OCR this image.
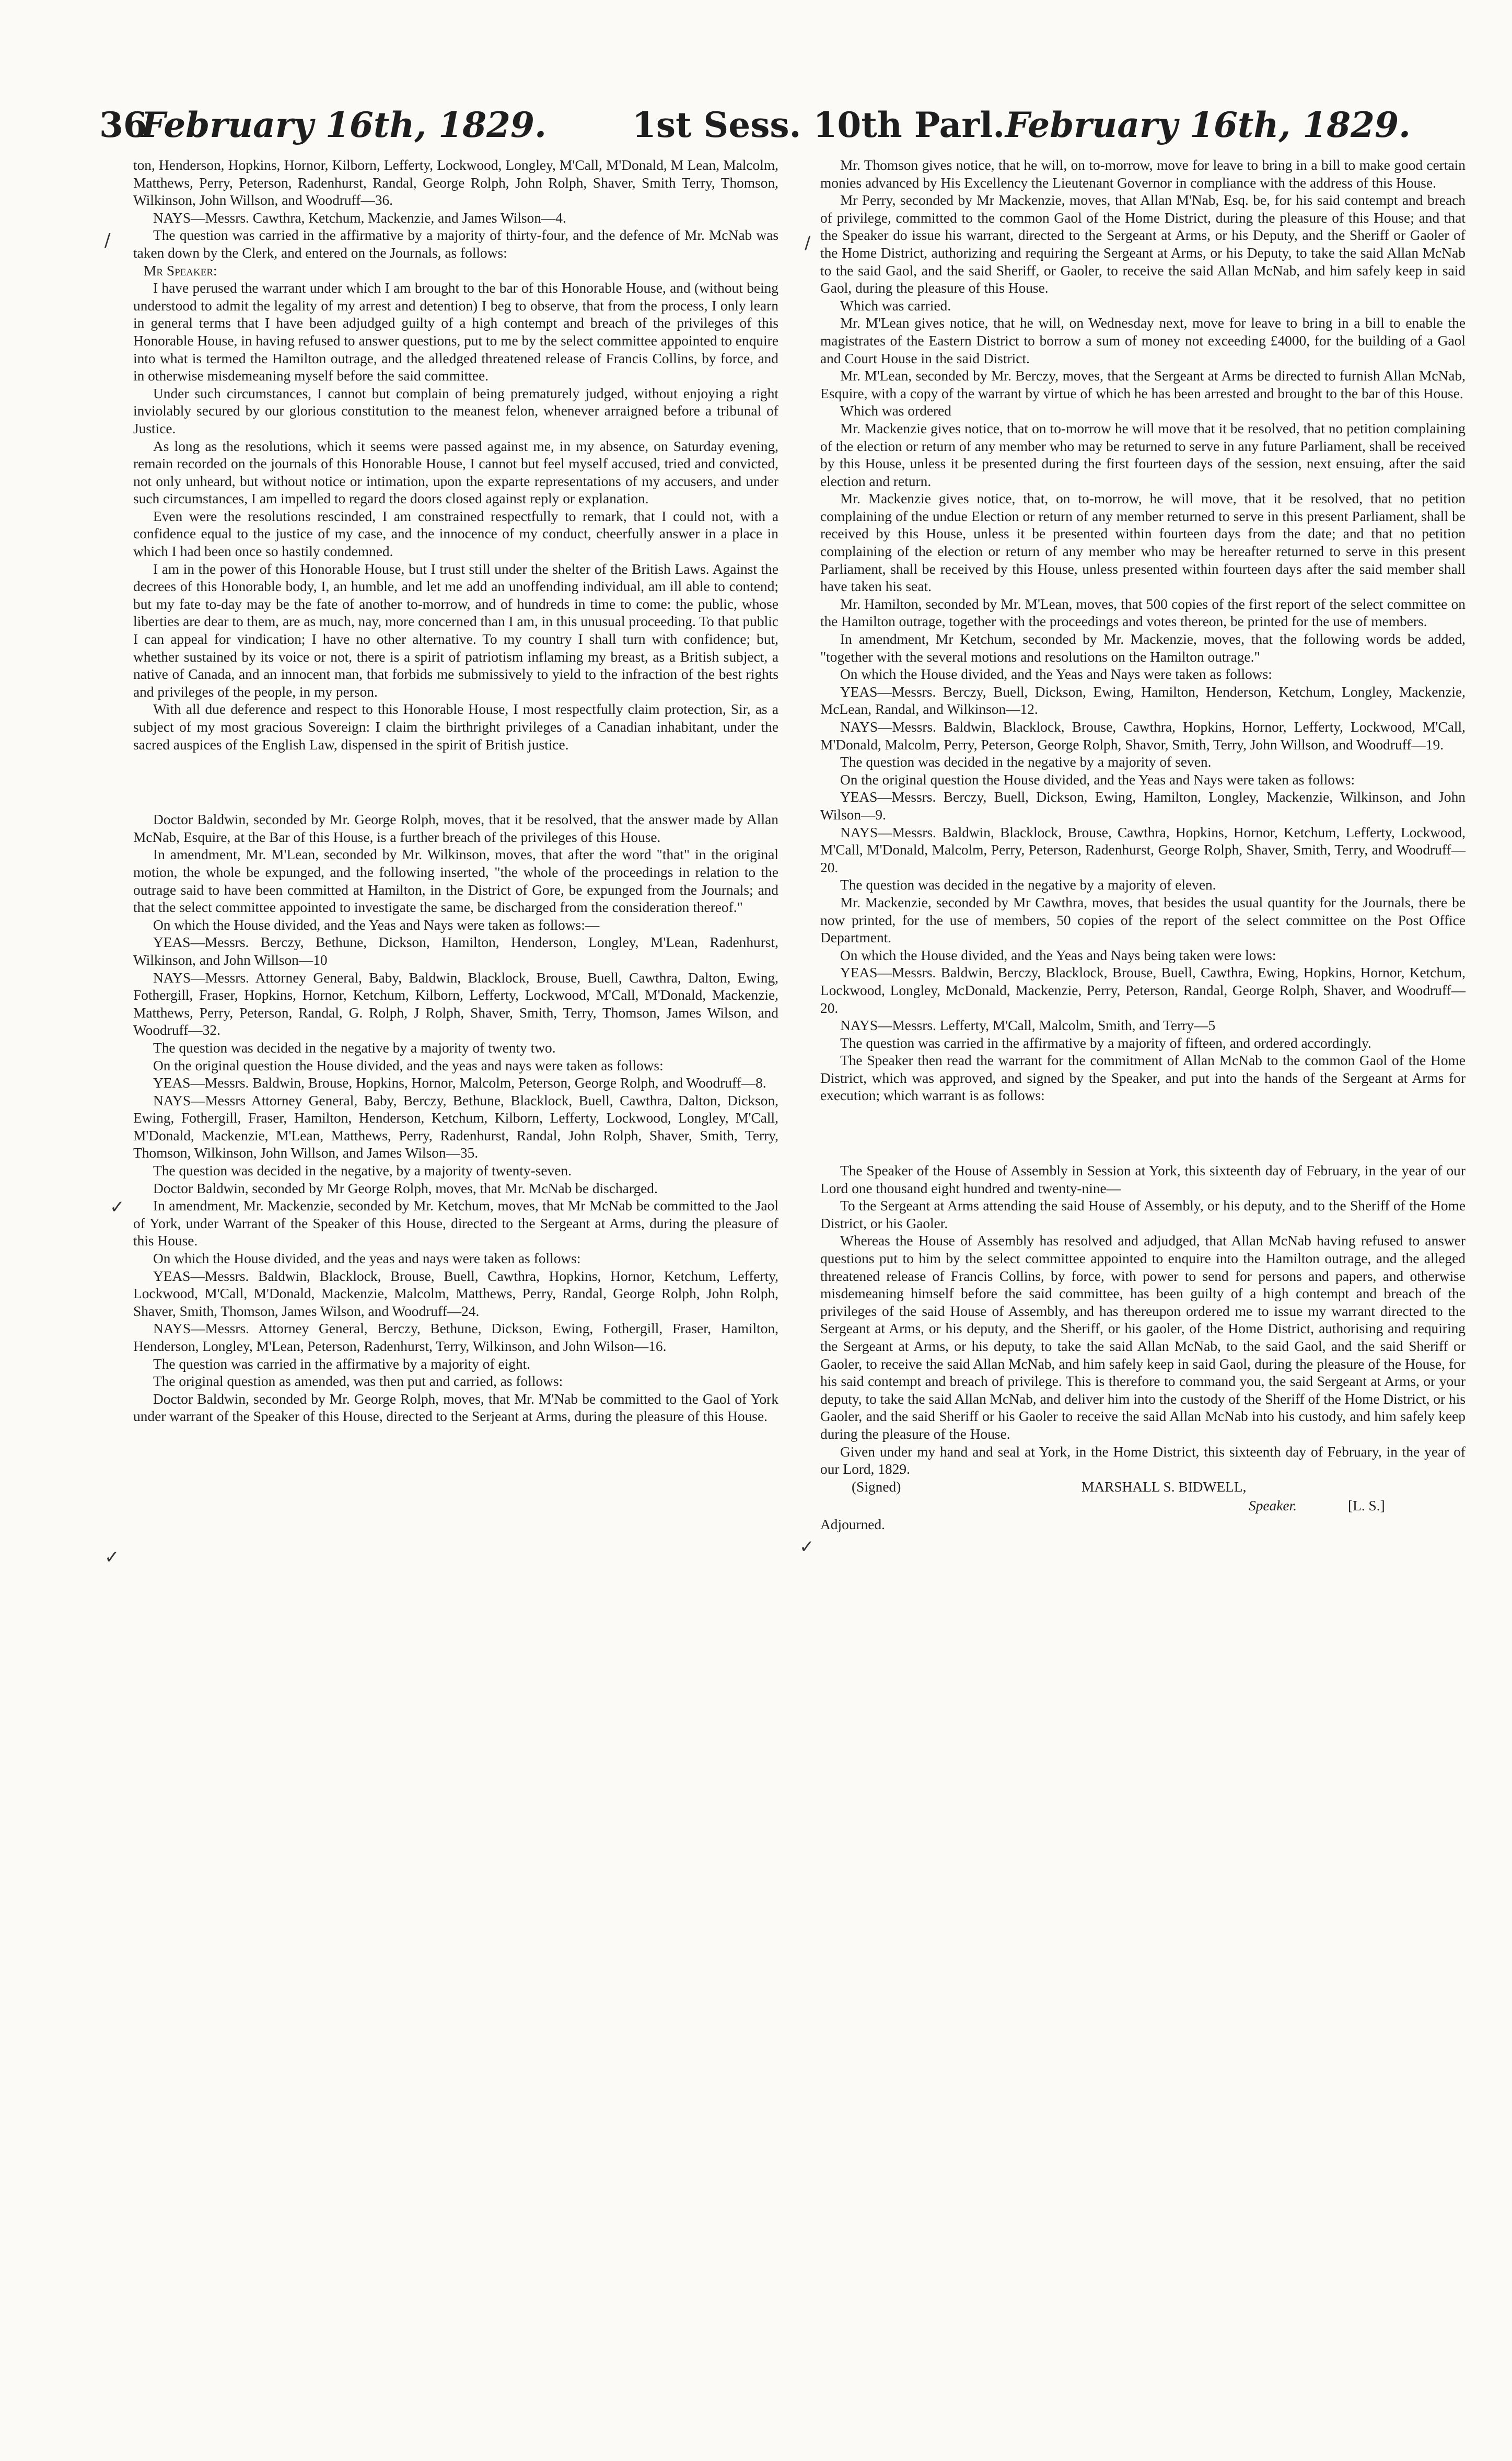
36
February 16th, 1829. 1st Sess. 10th Parl. February 16th, 1829.

ton, Henderson, Hopkins, Hornor, Kilborn, Lefferty, Lockwood, Longley, M'Call, M'Donald, M Lean, Malcolm, Matthews, Perry, Peterson, Radenhurst, Randal, George Rolph, John Rolph, Shaver, Smith Terry, Thomson, Wilkinson, John Willson, and Woodruff—36.

NAYS—Messrs. Cawthra, Ketchum, Mackenzie, and James Wilson—4.

The question was carried in the affirmative by a majority of thirty-four, and the defence of Mr. McNab was taken down by the Clerk, and entered on the Journals, as follows:

Mr Speaker:

I have perused the warrant under which I am brought to the bar of this Honorable House, and (without being understood to admit the legality of my arrest and detention) I beg to observe, that from the process, I only learn in general terms that I have been adjudged guilty of a high contempt and breach of the privileges of this Honorable House, in having refused to answer questions, put to me by the select committee appointed to enquire into what is termed the Hamilton outrage, and the alledged threatened release of Francis Collins, by force, and in otherwise misdemeaning myself before the said committee.

Under such circumstances, I cannot but complain of being prematurely judged, without enjoying a right inviolably secured by our glorious constitution to the meanest felon, whenever arraigned before a tribunal of Justice.

As long as the resolutions, which it seems were passed against me, in my absence, on Saturday evening, remain recorded on the journals of this Honorable House, I cannot but feel myself accused, tried and convicted, not only unheard, but without notice or intimation, upon the exparte representations of my accusers, and under such circumstances, I am impelled to regard the doors closed against reply or explanation.

Even were the resolutions rescinded, I am constrained respectfully to remark, that I could not, with a confidence equal to the justice of my case, and the innocence of my conduct, cheerfully answer in a place in which I had been once so hastily condemned.

I am in the power of this Honorable House, but I trust still under the shelter of the British Laws. Against the decrees of this Honorable body, I, an humble, and let me add an unoffending individual, am ill able to contend; but my fate to-day may be the fate of another to-morrow, and of hundreds in time to come: the public, whose liberties are dear to them, are as much, nay, more concerned than I am, in this unusual proceeding. To that public I can appeal for vindication; I have no other alternative. To my country I shall turn with confidence; but, whether sustained by its voice or not, there is a spirit of patriotism inflaming my breast, as a British subject, a native of Canada, and an innocent man, that forbids me submissively to yield to the infraction of the best rights and privileges of the people, in my person.

With all due deference and respect to this Honorable House, I most respectfully claim protection, Sir, as a subject of my most gracious Sovereign: I claim the birthright privileges of a Canadian inhabitant, under the sacred auspices of the English Law, dispensed in the spirit of British justice.

Doctor Baldwin, seconded by Mr. George Rolph, moves, that it be resolved, that the answer made by Allan McNab, Esquire, at the Bar of this House, is a further breach of the privileges of this House.

In amendment, Mr. M'Lean, seconded by Mr. Wilkinson, moves, that after the word "that" in the original motion, the whole be expunged, and the following inserted, "the whole of the proceedings in relation to the outrage said to have been committed at Hamilton, in the District of Gore, be expunged from the Journals; and that the select committee appointed to investigate the same, be discharged from the consideration thereof."

On which the House divided, and the Yeas and Nays were taken as follows:—

YEAS—Messrs. Berczy, Bethune, Dickson, Hamilton, Henderson, Longley, M'Lean, Radenhurst, Wilkinson, and John Willson—10

NAYS—Messrs. Attorney General, Baby, Baldwin, Blacklock, Brouse, Buell, Cawthra, Dalton, Ewing, Fothergill, Fraser, Hopkins, Hornor, Ketchum, Kilborn, Lefferty, Lockwood, M'Call, M'Donald, Mackenzie, Matthews, Perry, Peterson, Randal, G. Rolph, J Rolph, Shaver, Smith, Terry, Thomson, James Wilson, and Woodruff—32.

The question was decided in the negative by a majority of twenty two.

On the original question the House divided, and the yeas and nays were taken as follows:

YEAS—Messrs. Baldwin, Brouse, Hopkins, Hornor, Malcolm, Peterson, George Rolph, and Woodruff—8.

NAYS—Messrs Attorney General, Baby, Berczy, Bethune, Blacklock, Buell, Cawthra, Dalton, Dickson, Ewing, Fothergill, Fraser, Hamilton, Henderson, Ketchum, Kilborn, Lefferty, Lockwood, Longley, M'Call, M'Donald, Mackenzie, M'Lean, Matthews, Perry, Radenhurst, Randal, John Rolph, Shaver, Smith, Terry, Thomson, Wilkinson, John Willson, and James Wilson—35.

The question was decided in the negative, by a majority of twenty-seven.

Doctor Baldwin, seconded by Mr George Rolph, moves, that Mr. McNab be discharged.

In amendment, Mr. Mackenzie, seconded by Mr. Ketchum, moves, that Mr McNab be committed to the Jaol of York, under Warrant of the Speaker of this House, directed to the Sergeant at Arms, during the pleasure of this House.

On which the House divided, and the yeas and nays were taken as follows:

YEAS—Messrs. Baldwin, Blacklock, Brouse, Buell, Cawthra, Hopkins, Hornor, Ketchum, Lefferty, Lockwood, M'Call, M'Donald, Mackenzie, Malcolm, Matthews, Perry, Randal, George Rolph, John Rolph, Shaver, Smith, Thomson, James Wilson, and Woodruff—24.

NAYS—Messrs. Attorney General, Berczy, Bethune, Dickson, Ewing, Fothergill, Fraser, Hamilton, Henderson, Longley, M'Lean, Peterson, Radenhurst, Terry, Wilkinson, and John Wilson—16.

The question was carried in the affirmative by a majority of eight.

The original question as amended, was then put and carried, as follows:

Doctor Baldwin, seconded by Mr. George Rolph, moves, that Mr. M'Nab be committed to the Gaol of York under warrant of the Speaker of this House, directed to the Serjeant at Arms, during the pleasure of this House.

Mr. Thomson gives notice, that he will, on to-morrow, move for leave to bring in a bill to make good certain monies advanced by His Excellency the Lieutenant Governor in compliance with the address of this House.

Mr Perry, seconded by Mr Mackenzie, moves, that Allan M'Nab, Esq. be, for his said contempt and breach of privilege, committed to the common Gaol of the Home District, during the pleasure of this House; and that the Speaker do issue his warrant, directed to the Sergeant at Arms, or his Deputy, and the Sheriff or Gaoler of the Home District, authorizing and requiring the Sergeant at Arms, or his Deputy, to take the said Allan McNab to the said Gaol, and the said Sheriff, or Gaoler, to receive the said Allan McNab, and him safely keep in said Gaol, during the pleasure of this House.

Which was carried.

Mr. M'Lean gives notice, that he will, on Wednesday next, move for leave to bring in a bill to enable the magistrates of the Eastern District to borrow a sum of money not exceeding £4000, for the building of a Gaol and Court House in the said District.

Mr. M'Lean, seconded by Mr. Berczy, moves, that the Sergeant at Arms be directed to furnish Allan McNab, Esquire, with a copy of the warrant by virtue of which he has been arrested and brought to the bar of this House.

Which was ordered

Mr. Mackenzie gives notice, that on to-morrow he will move that it be resolved, that no petition complaining of the election or return of any member who may be returned to serve in any future Parliament, shall be received by this House, unless it be presented during the first fourteen days of the session, next ensuing, after the said election and return.

Mr. Mackenzie gives notice, that, on to-morrow, he will move, that it be resolved, that no petition complaining of the undue Election or return of any member returned to serve in this present Parliament, shall be received by this House, unless it be presented within fourteen days from the date; and that no petition complaining of the election or return of any member who may be hereafter returned to serve in this present Parliament, shall be received by this House, unless presented within fourteen days after the said member shall have taken his seat.

Mr. Hamilton, seconded by Mr. M'Lean, moves, that 500 copies of the first report of the select committee on the Hamilton outrage, together with the proceedings and votes thereon, be printed for the use of members.

In amendment, Mr Ketchum, seconded by Mr. Mackenzie, moves, that the following words be added, "together with the several motions and resolutions on the Hamilton outrage."

On which the House divided, and the Yeas and Nays were taken as follows:

YEAS—Messrs. Berczy, Buell, Dickson, Ewing, Hamilton, Henderson, Ketchum, Longley, Mackenzie, McLean, Randal, and Wilkinson—12.

NAYS—Messrs. Baldwin, Blacklock, Brouse, Cawthra, Hopkins, Hornor, Lefferty, Lockwood, M'Call, M'Donald, Malcolm, Perry, Peterson, George Rolph, Shavor, Smith, Terry, John Willson, and Woodruff—19.

The question was decided in the negative by a majority of seven.

On the original question the House divided, and the Yeas and Nays were taken as follows:

YEAS—Messrs. Berczy, Buell, Dickson, Ewing, Hamilton, Longley, Mackenzie, Wilkinson, and John Wilson—9.

NAYS—Messrs. Baldwin, Blacklock, Brouse, Cawthra, Hopkins, Hornor, Ketchum, Lefferty, Lockwood, M'Call, M'Donald, Malcolm, Perry, Peterson, Radenhurst, George Rolph, Shaver, Smith, Terry, and Woodruff—20.

The question was decided in the negative by a majority of eleven.

Mr. Mackenzie, seconded by Mr Cawthra, moves, that besides the usual quantity for the Journals, there be now printed, for the use of members, 50 copies of the report of the select committee on the Post Office Department.

On which the House divided, and the Yeas and Nays being taken were lows:

YEAS—Messrs. Baldwin, Berczy, Blacklock, Brouse, Buell, Cawthra, Ewing, Hopkins, Hornor, Ketchum, Lockwood, Longley, McDonald, Mackenzie, Perry, Peterson, Randal, George Rolph, Shaver, and Woodruff—20.

NAYS—Messrs. Lefferty, M'Call, Malcolm, Smith, and Terry—5

The question was carried in the affirmative by a majority of fifteen, and ordered accordingly.

The Speaker then read the warrant for the commitment of Allan McNab to the common Gaol of the Home District, which was approved, and signed by the Speaker, and put into the hands of the Sergeant at Arms for execution; which warrant is as follows:

The Speaker of the House of Assembly in Session at York, this sixteenth day of February, in the year of our Lord one thousand eight hundred and twenty-nine—

To the Sergeant at Arms attending the said House of Assembly, or his deputy, and to the Sheriff of the Home District, or his Gaoler.

Whereas the House of Assembly has resolved and adjudged, that Allan McNab having refused to answer questions put to him by the select committee appointed to enquire into the Hamilton outrage, and the alleged threatened release of Francis Collins, by force, with power to send for persons and papers, and otherwise misdemeaning himself before the said committee, has been guilty of a high contempt and breach of the privileges of the said House of Assembly, and has thereupon ordered me to issue my warrant directed to the Sergeant at Arms, or his deputy, and the Sheriff, or his gaoler, of the Home District, authorising and requiring the Sergeant at Arms, or his deputy, to take the said Allan McNab, to the said Gaol, and the said Sheriff or Gaoler, to receive the said Allan McNab, and him safely keep in said Gaol, during the pleasure of the House, for his said contempt and breach of privilege. This is therefore to command you, the said Sergeant at Arms, or your deputy, to take the said Allan McNab, and deliver him into the custody of the Sheriff of the Home District, or his Gaoler, and the said Sheriff or his Gaoler to receive the said Allan McNab into his custody, and him safely keep during the pleasure of the House.

Given under my hand and seal at York, in the Home District, this sixteenth day of February, in the year of our Lord, 1829.

(Signed)	MARSHALL S. BIDWELL,
Speaker.	[L. S.]

Adjourned.

/
✓
✓
/
✓
